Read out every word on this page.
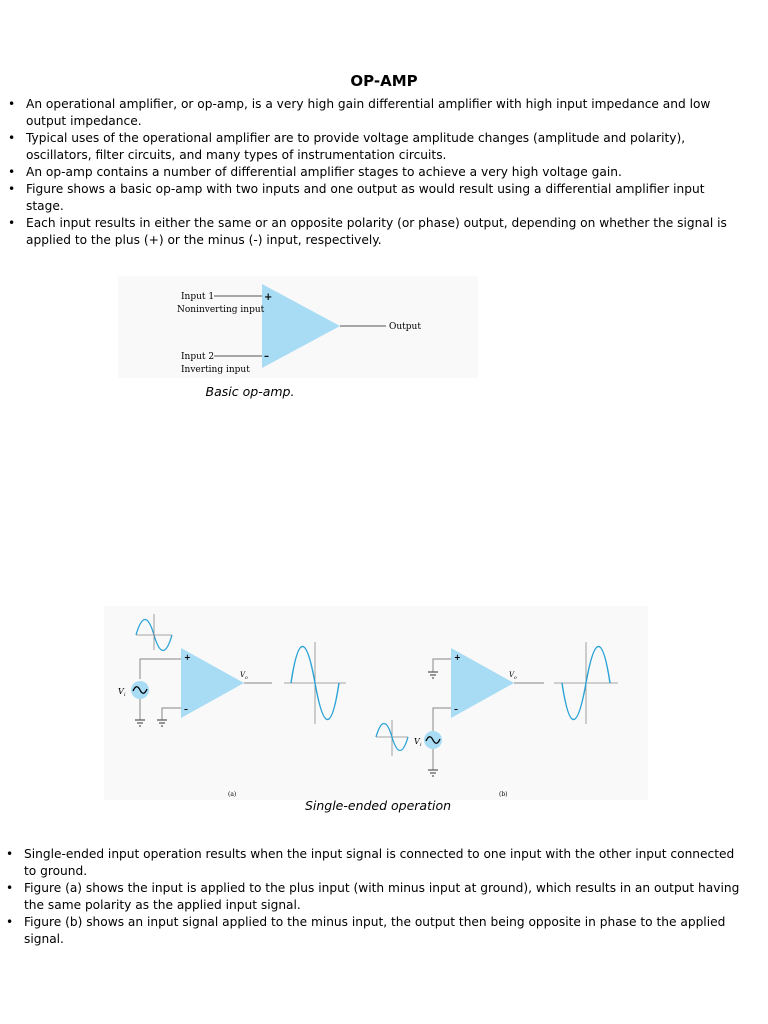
OP-AMP
• An operational amplifier, or op-amp, is a very high gain differential amplifier with high input impedance and low output impedance.
• Typical uses of the operational amplifier are to provide voltage amplitude changes (amplitude and polarity), oscillators, filter circuits, and many types of instrumentation circuits.
• An op-amp contains a number of differential amplifier stages to achieve a very high voltage gain.
• Figure shows a basic op-amp with two inputs and one output as would result using a differential amplifier input stage.
• Each input results in either the same or an opposite polarity (or phase) output, depending on whether the signal is applied to the plus (+) or the minus (-) input, respectively.
Input 1
Noninverting input
Input 2
Inverting input
+
–
Output
Basic op-amp.
V i
+
–
V o
(a)
V i
+
–
V o
(b)
Single-ended operation
• Single-ended input operation results when the input signal is connected to one input with the other input connected to ground.
• Figure (a) shows the input is applied to the plus input (with minus input at ground), which results in an output having the same polarity as the applied input signal.
• Figure (b) shows an input signal applied to the minus input, the output then being opposite in phase to the applied signal.
